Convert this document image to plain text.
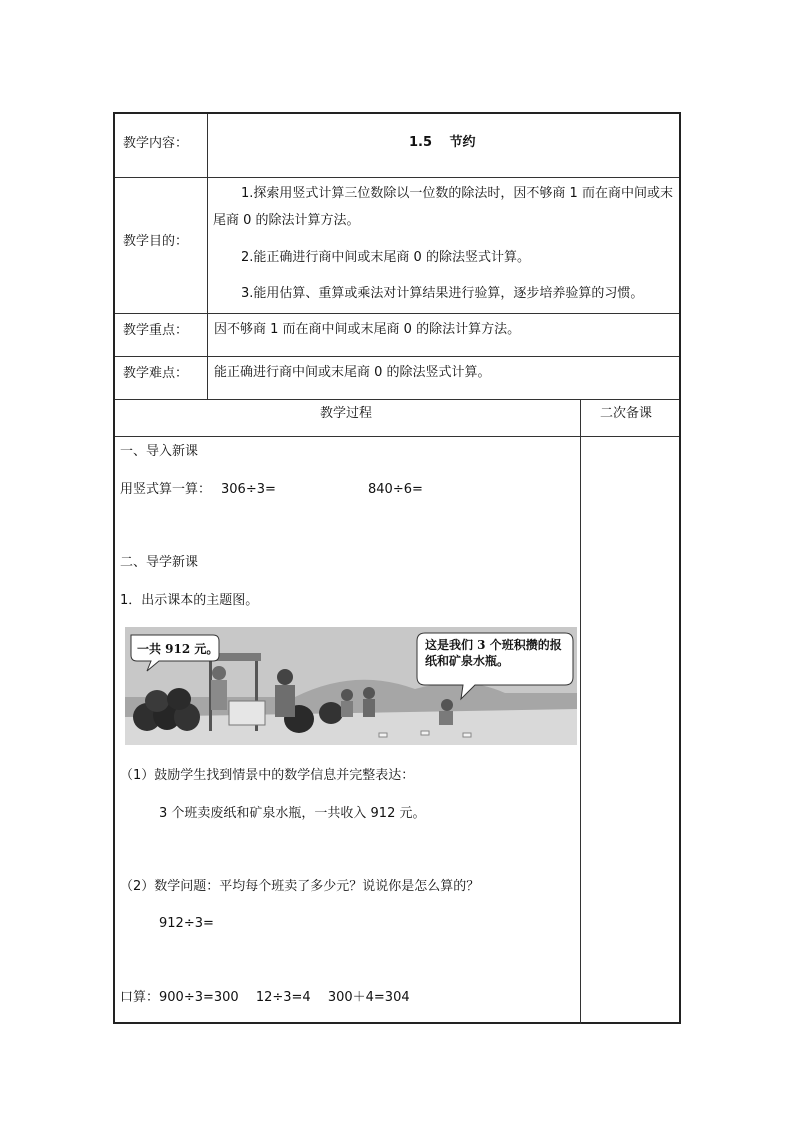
教学内容：	1.5　 节约
教学目的：
1.探索用竖式计算三位数除以一位数的除法时，因不够商 1 而在商中间或末尾商 0 的除法计算方法。
2.能正确进行商中间或末尾商 0 的除法竖式计算。
3.能用估算、重算或乘法对计算结果进行验算，逐步培养验算的习惯。
教学重点： 因不够商 1 而在商中间或末尾商 0 的除法计算方法。
教学难点： 能正确进行商中间或末尾商 0 的除法竖式计算。
教学过程	二次备课
一、导入新课
用竖式算一算： 306÷3=	840÷6=
二、导学新课
1．出示课本的主题图。
一共 912 元。	这是我们 3 个班积攒的报纸和矿泉水瓶。
（1）鼓励学生找到情景中的数学信息并完整表达：
3 个班卖废纸和矿泉水瓶，一共收入 912 元。
（2）数学问题：平均每个班卖了多少元？说说你是怎么算的？
912÷3=
口算：900÷3=300　 12÷3=4　 300＋4=304
